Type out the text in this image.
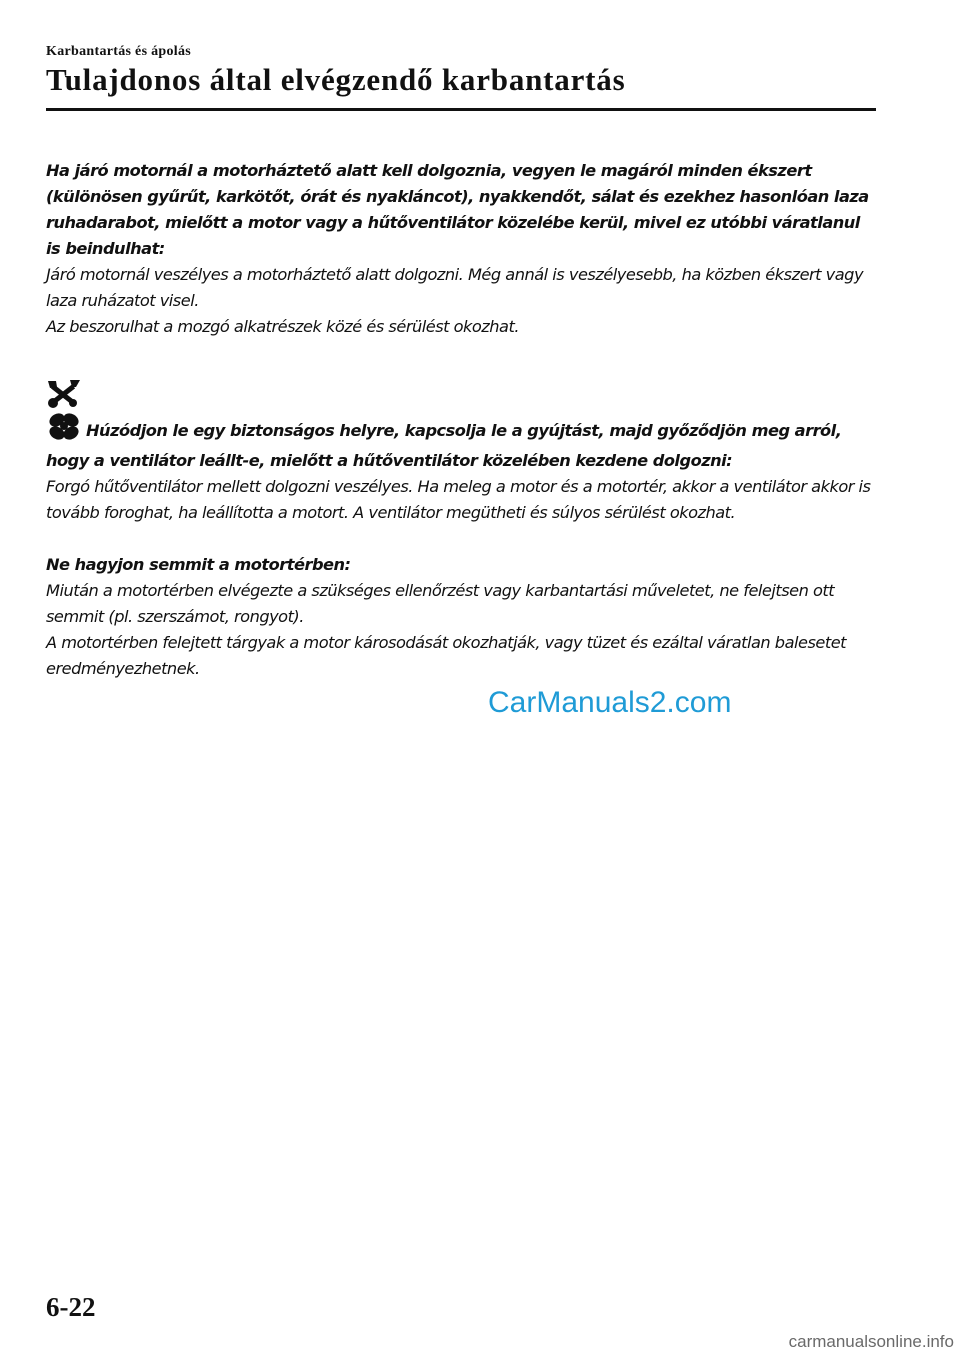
Karbantartás és ápolás
Tulajdonos által elvégzendő karbantartás

Ha járó motornál a motorháztető alatt kell dolgoznia, vegyen le magáról minden ékszert (különösen gyűrűt, karkötőt, órát és nyakláncot), nyakkendőt, sálat és ezekhez hasonlóan laza ruhadarabot, mielőtt a motor vagy a hűtőventilátor közelébe kerül, mivel ez utóbbi váratlanul is beindulhat:

Járó motornál veszélyes a motorháztető alatt dolgozni. Még annál is veszélyesebb, ha közben ékszert vagy laza ruházatot visel.

Az beszorulhat a mozgó alkatrészek közé és sérülést okozhat.

Húzódjon le egy biztonságos helyre, kapcsolja le a gyújtást, majd győződjön meg arról, hogy a ventilátor leállt-e, mielőtt a hűtőventilátor közelében kezdene dolgozni:

Forgó hűtőventilátor mellett dolgozni veszélyes. Ha meleg a motor és a motortér, akkor a ventilátor akkor is tovább foroghat, ha leállította a motort. A ventilátor megütheti és súlyos sérülést okozhat.

Ne hagyjon semmit a motortérben:

Miután a motortérben elvégezte a szükséges ellenőrzést vagy karbantartási műveletet, ne felejtsen ott semmit (pl. szerszámot, rongyot).

A motortérben felejtett tárgyak a motor károsodását okozhatják, vagy tüzet és ezáltal váratlan balesetet eredményezhetnek.

CarManuals2.com
6-22
carmanualsonline.info
